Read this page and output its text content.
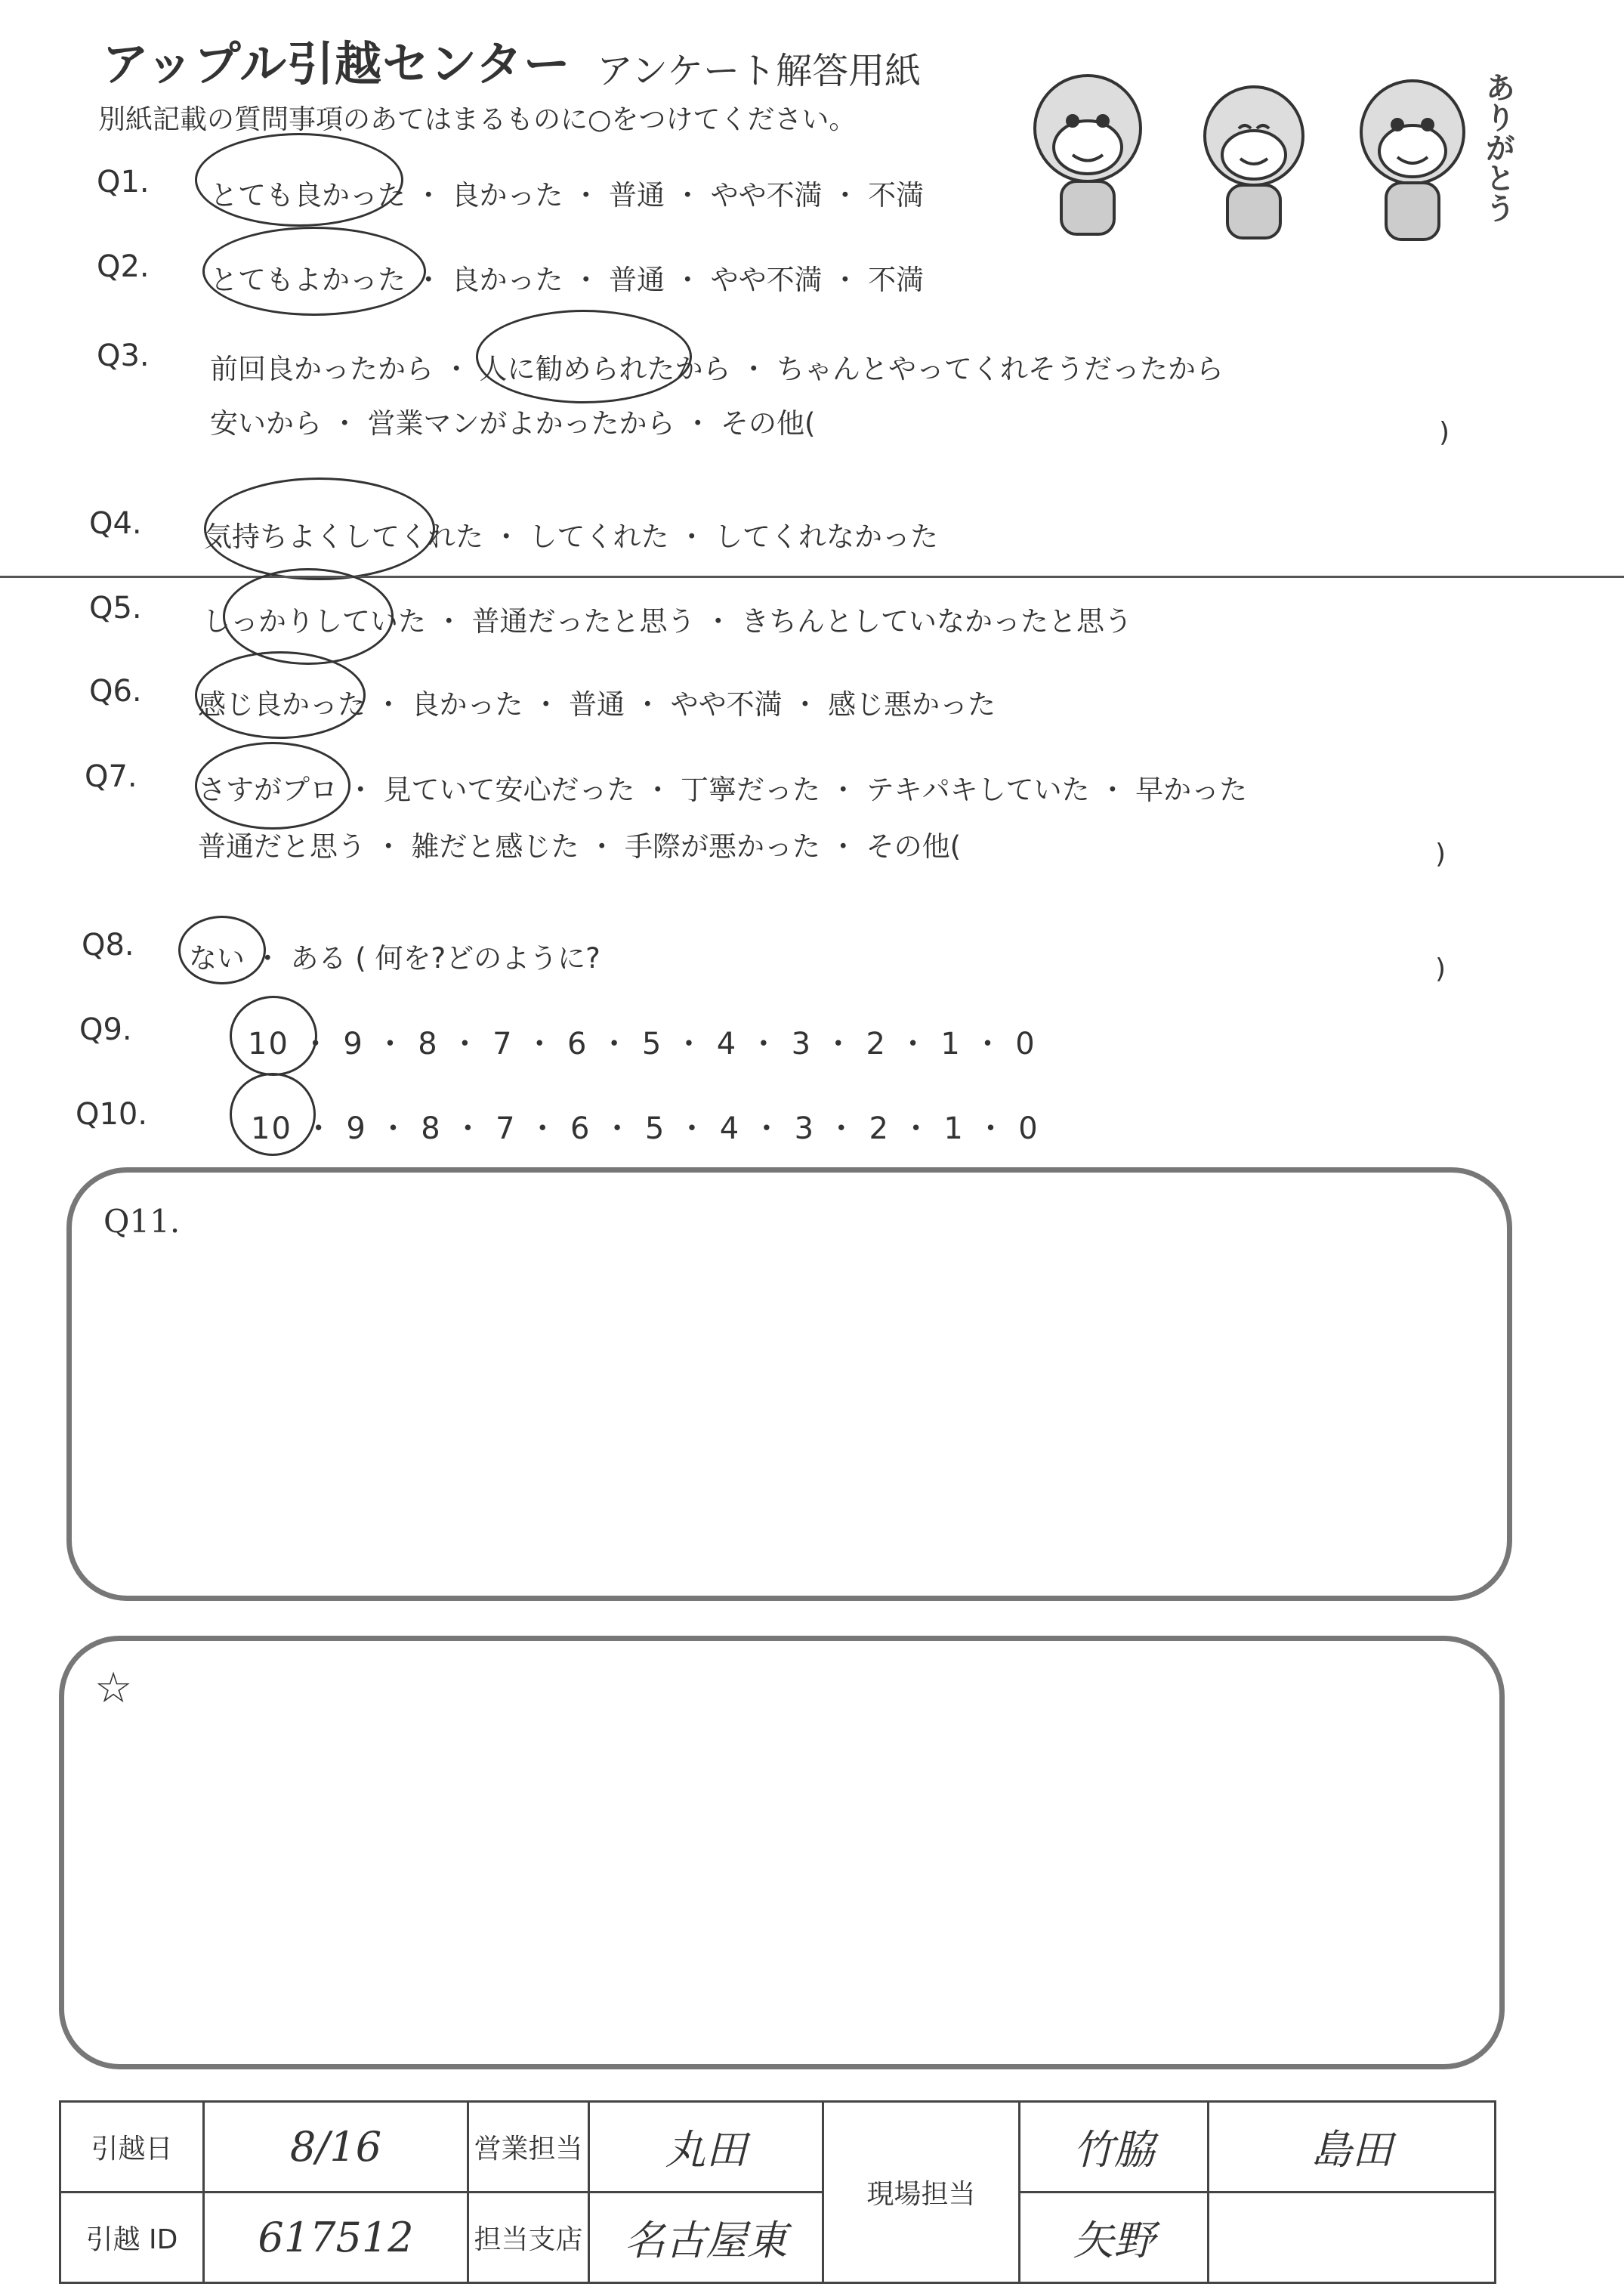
アップル引越センター アンケート解答用紙
別紙記載の質問事項のあてはまるものに○をつけてください。	ありがとう
Q1. とても良かった ・ 良かった ・ 普通 ・ やや不満 ・ 不満
Q2. とてもよかった ・ 良かった ・ 普通 ・ やや不満 ・ 不満
Q3. 前回良かったから ・ 人に勧められたから ・ ちゃんとやってくれそうだったから
安いから ・ 営業マンがよかったから ・ その他(	)
Q4. 気持ちよくしてくれた ・ してくれた ・ してくれなかった
Q5. しっかりしていた ・ 普通だったと思う ・ きちんとしていなかったと思う
Q6. 感じ良かった ・ 良かった ・ 普通 ・ やや不満 ・ 感じ悪かった
Q7. さすがプロ ・ 見ていて安心だった ・ 丁寧だった ・ テキパキしていた ・ 早かった
普通だと思う ・ 雑だと感じた ・ 手際が悪かった ・ その他(	)
Q8. ない ・ ある ( 何を?どのように?	)
Q9.	10 ・ 9 ・ 8 ・ 7 ・ 6 ・ 5 ・ 4 ・ 3 ・ 2 ・ 1 ・ 0
Q10.	10 ・ 9 ・ 8 ・ 7 ・ 6 ・ 5 ・ 4 ・ 3 ・ 2 ・ 1 ・ 0
Q11.
☆
引越日	8/16	営業担当	丸田	現場担当	竹脇	島田
引越 ID	617512	担当支店	名古屋東		矢野	
